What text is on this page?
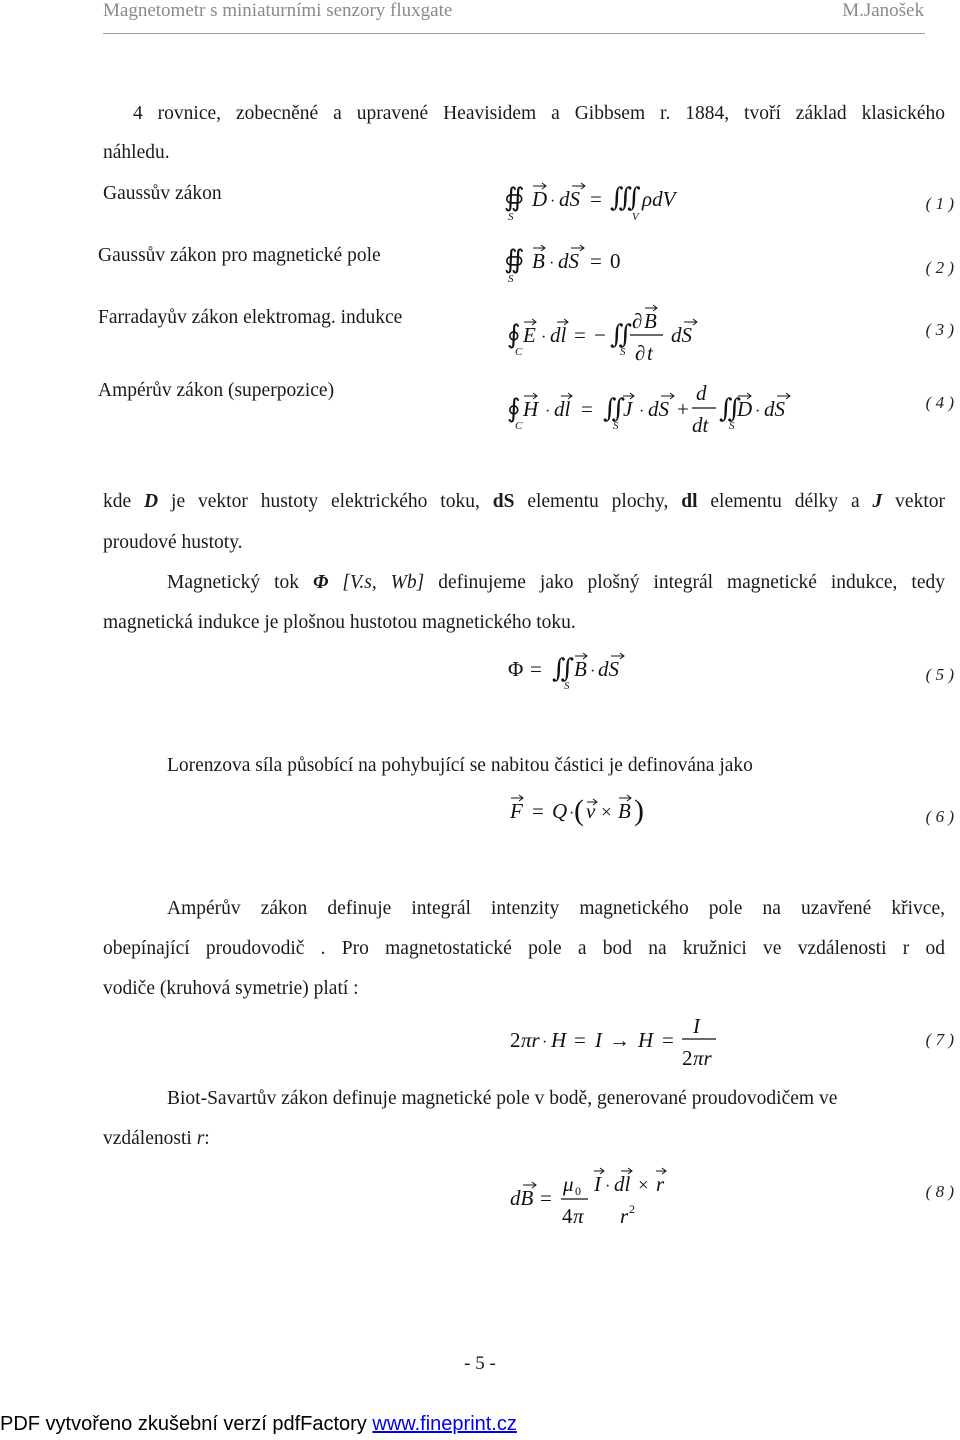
Magnetometr s miniaturními senzory fluxgate	M.Janošek
4 rovnice, zobecněné a upravené Heavisidem a Gibbsem r. 1884, tvoří základ klasického
náhledu.
Gaussův zákon
Gaussův zákon pro magnetické pole
Farradayův zákon elektromag. indukce
Ampérův zákon (superpozice)
( 1 )
( 2 )
( 3 )
( 4 )
( 5 )
( 6 )
( 7 )
( 8 )
∯
S
D · dS = ∭
V
ρdV
∯
S
B · dS = 0
∮
C
E · dl = − ∬
S
∂ B
∂ t
dS
∮
C
H · dl = ∬
S
J · dS +
d
dt
∬
S
D · dS
kde D je vektor hustoty elektrického toku, dS elementu plochy, dl elementu délky a J vektor
proudové hustoty.
Magnetický tok Φ [V.s, Wb] definujeme jako plošný integrál magnetické indukce, tedy
magnetická indukce je plošnou hustotou magnetického toku.
Φ = ∬
S
B · dS
Lorenzova síla působící na pohybující se nabitou částici je definována jako
F = Q · ( v × B )
Ampérův zákon definuje integrál intenzity magnetického pole na uzavřené křivce,
obepínající proudovodič . Pro magnetostatické pole a bod na kružnici ve vzdálenosti r od
vodiče (kruhová symetrie) platí :
2 πr · H = I → H =
I
2 πr
Biot-Savartův zákon definuje magnetické pole v bodě, generované proudovodičem ve
vzdálenosti r:
dB =
μ 0
4 π
I · dl × r
r 2
- 5 -
PDF vytvořeno zkušební verzí pdfFactory www.fineprint.cz
